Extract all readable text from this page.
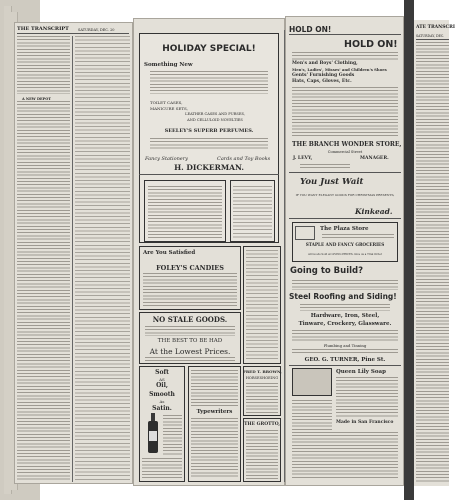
THE TRANSCRIPT	SATURDAY, DEC. 20
A NEW DEPOT
HOLIDAY SPECIAL!
Something New
TOILET CASES,
MANICURE SETS,
LEATHER CASES AND PURSES,
AND CELLULOID NOVELTIES
SEELEY'S SUPERB PERFUMES.
Fancy Stationery	Cards and Toy Books
H. DICKERMAN.
Are You Satisfied
FOLEY'S CANDIES
NO STALE GOODS.
THE BEST TO BE HAD
At the Lowest Prices.
Soft
AS
Oil,
Smooth
As
Satin.	Typewriters
FRED T. BROWN,
HORSESHOEING
THE GROTTO,
HOLD ON!
HOLD ON!
Men's and Boys' Clothing,
Men's, Ladies', Misses' and Children's Shoes
Gents' Furnishing Goods
Hats, Caps, Gloves, Etc.
THE BRANCH WONDER STORE,
Commercial Street
J. LEVY,	MANAGER.
You Just Wait
IF YOU WANT ELEGANT GOODS FOR CHRISTMAS PRESENTS,
Kinkead.
The Plaza Store
STAPLE AND FANCY GROCERIES
All Goods Sold at LIVING PRICES. Give us a Trial Order
Going to Build?
Steel Roofing and Siding!
Hardware, Iron, Steel,
Tinware, Crockery, Glassware.
Plumbing and Tinning
GEO. G. TURNER, Pine St.
Queen Lily Soap
Made in San Francisco
ATE TRANSCRI
SATURDAY, DEC.
